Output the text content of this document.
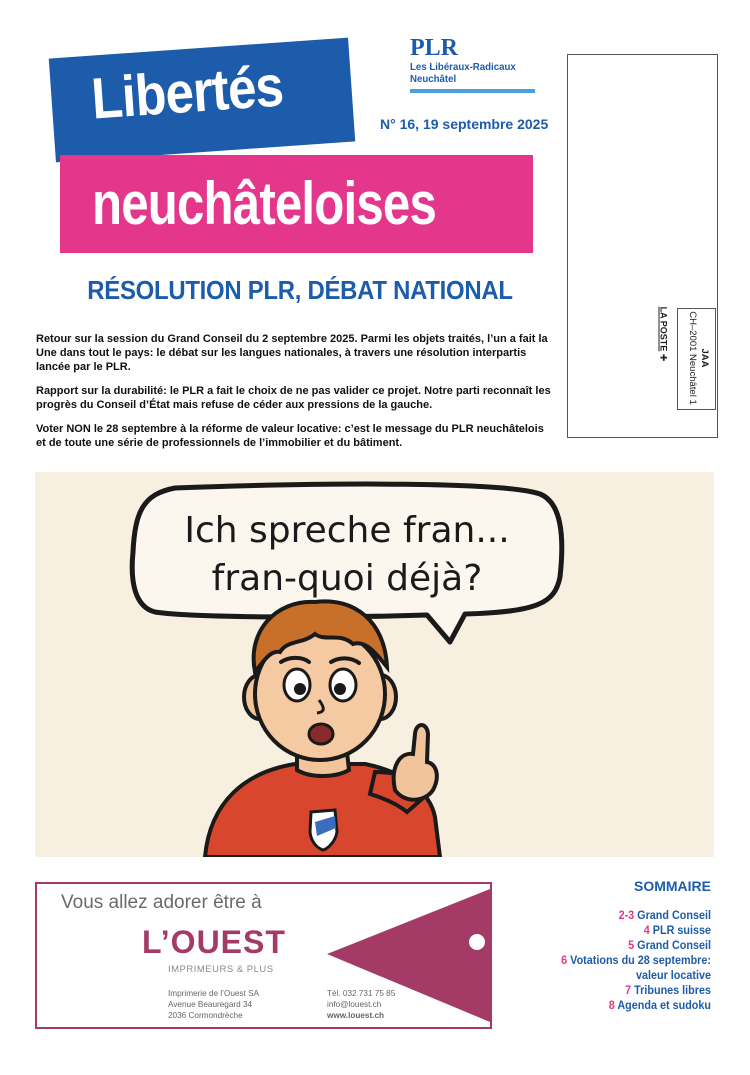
Libertés
neuchâteloises
PLR
Les Libéraux-Radicaux
Neuchâtel
N° 16, 19 septembre 2025
JAA
CH–2001 Neuchâtel 1
LA POSTE ✚
RÉSOLUTION PLR, DÉBAT NATIONAL
Retour sur la session du Grand Conseil du 2 septembre 2025. Parmi les objets traités, l’un a fait la Une dans tout le pays: le débat sur les langues nationales, à travers une résolution interpartis lancée par le PLR.
Rapport sur la durabilité: le PLR a fait le choix de ne pas valider ce projet. Notre parti reconnaît les progrès du Conseil d’État mais refuse de céder aux pressions de la gauche.
Voter NON le 28 septembre à la réforme de valeur locative: c’est le message du PLR neuchâtelois et de toute une série de professionnels de l’immobilier et du bâtiment.
Ich spreche fran...
fran-quoi déjà?
Vous allez adorer être à
L’OUEST
IMPRIMEURS & PLUS
Imprimerie de l’Ouest SA
Avenue Beauregard 34
2036 Cormondrèche
Tél. 032 731 75 85
info@louest.ch
www.louest.ch
SOMMAIRE
2-3 Grand Conseil
4 PLR suisse
5 Grand Conseil
6 Votations du 28 septembre:
valeur locative
7 Tribunes libres
8 Agenda et sudoku
